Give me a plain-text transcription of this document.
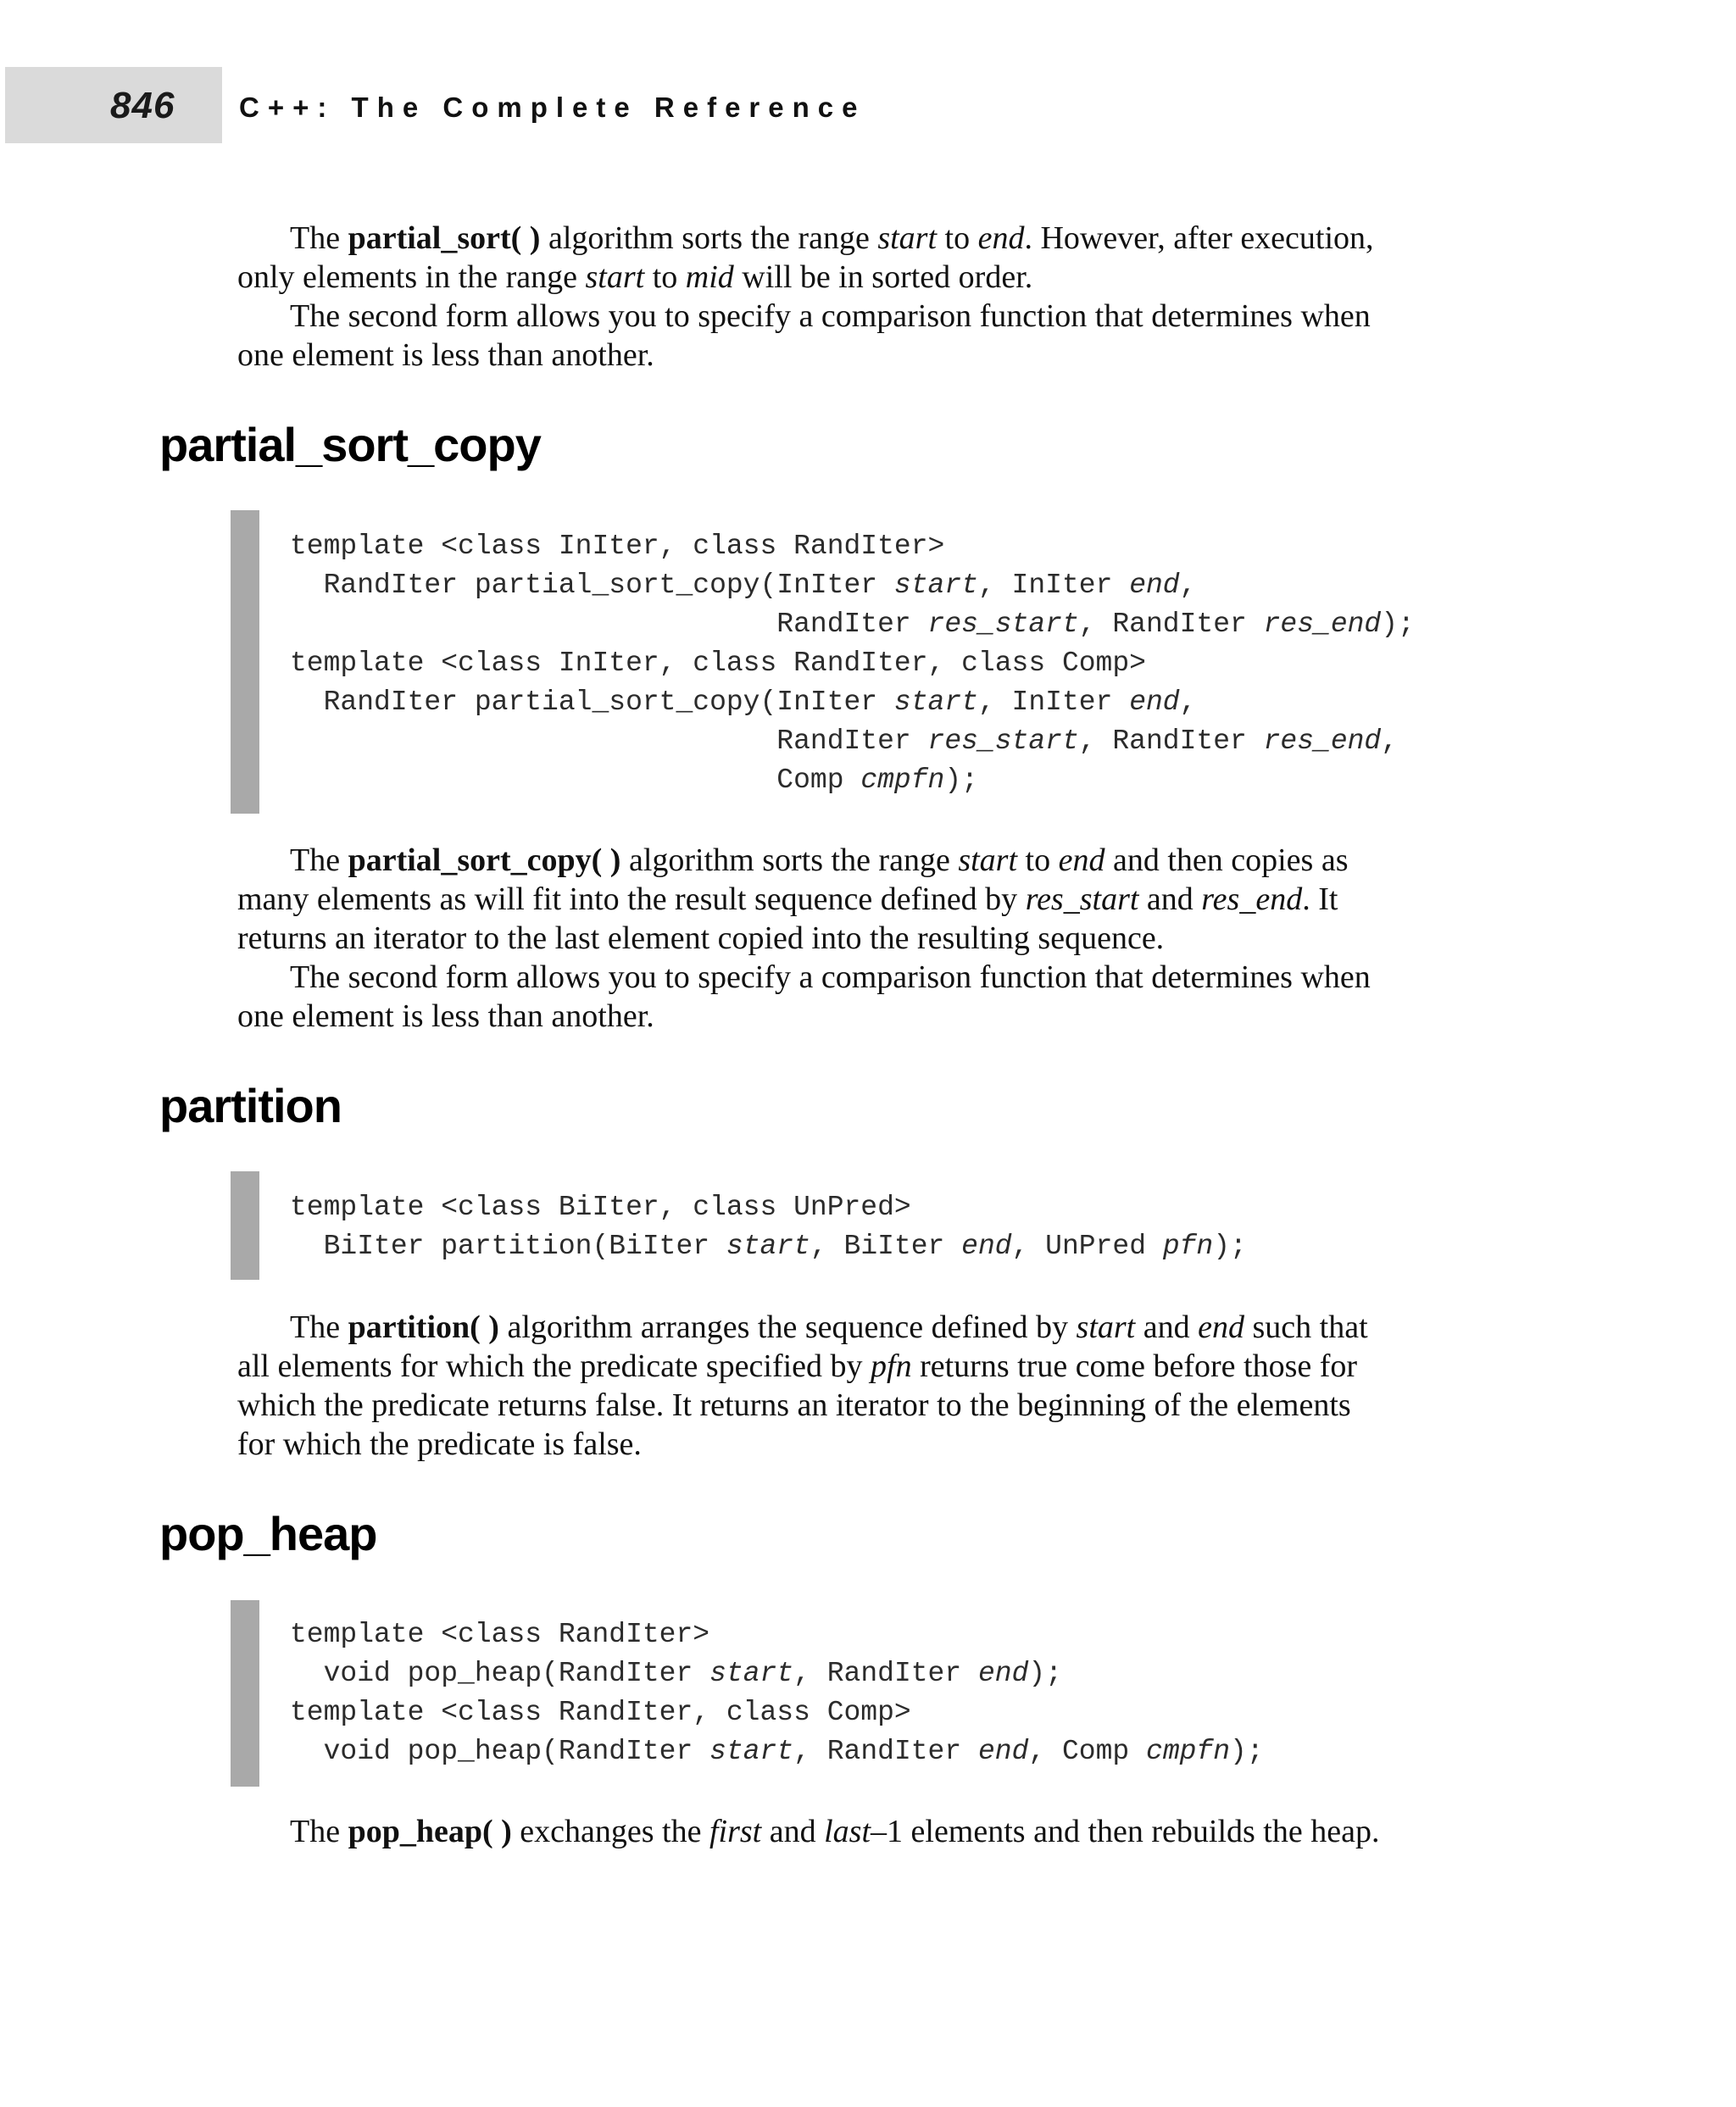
846	C++: The Complete Reference
The partial_sort( ) algorithm sorts the range start to end. However, after execution,
only elements in the range start to mid will be in sorted order.
The second form allows you to specify a comparison function that determines when
one element is less than another.
partial_sort_copy
template <class InIter, class RandIter>
RandIter partial_sort_copy(InIter start, InIter end,
RandIter res_start, RandIter res_end);
template <class InIter, class RandIter, class Comp>
RandIter partial_sort_copy(InIter start, InIter end,
RandIter res_start, RandIter res_end,
Comp cmpfn);
The partial_sort_copy( ) algorithm sorts the range start to end and then copies as
many elements as will fit into the result sequence defined by res_start and res_end. It
returns an iterator to the last element copied into the resulting sequence.
The second form allows you to specify a comparison function that determines when
one element is less than another.
partition
template <class BiIter, class UnPred>
BiIter partition(BiIter start, BiIter end, UnPred pfn);
The partition( ) algorithm arranges the sequence defined by start and end such that
all elements for which the predicate specified by pfn returns true come before those for
which the predicate returns false. It returns an iterator to the beginning of the elements
for which the predicate is false.
pop_heap
template <class RandIter>
void pop_heap(RandIter start, RandIter end);
template <class RandIter, class Comp>
void pop_heap(RandIter start, RandIter end, Comp cmpfn);
The pop_heap( ) exchanges the first and last–1 elements and then rebuilds the heap.
